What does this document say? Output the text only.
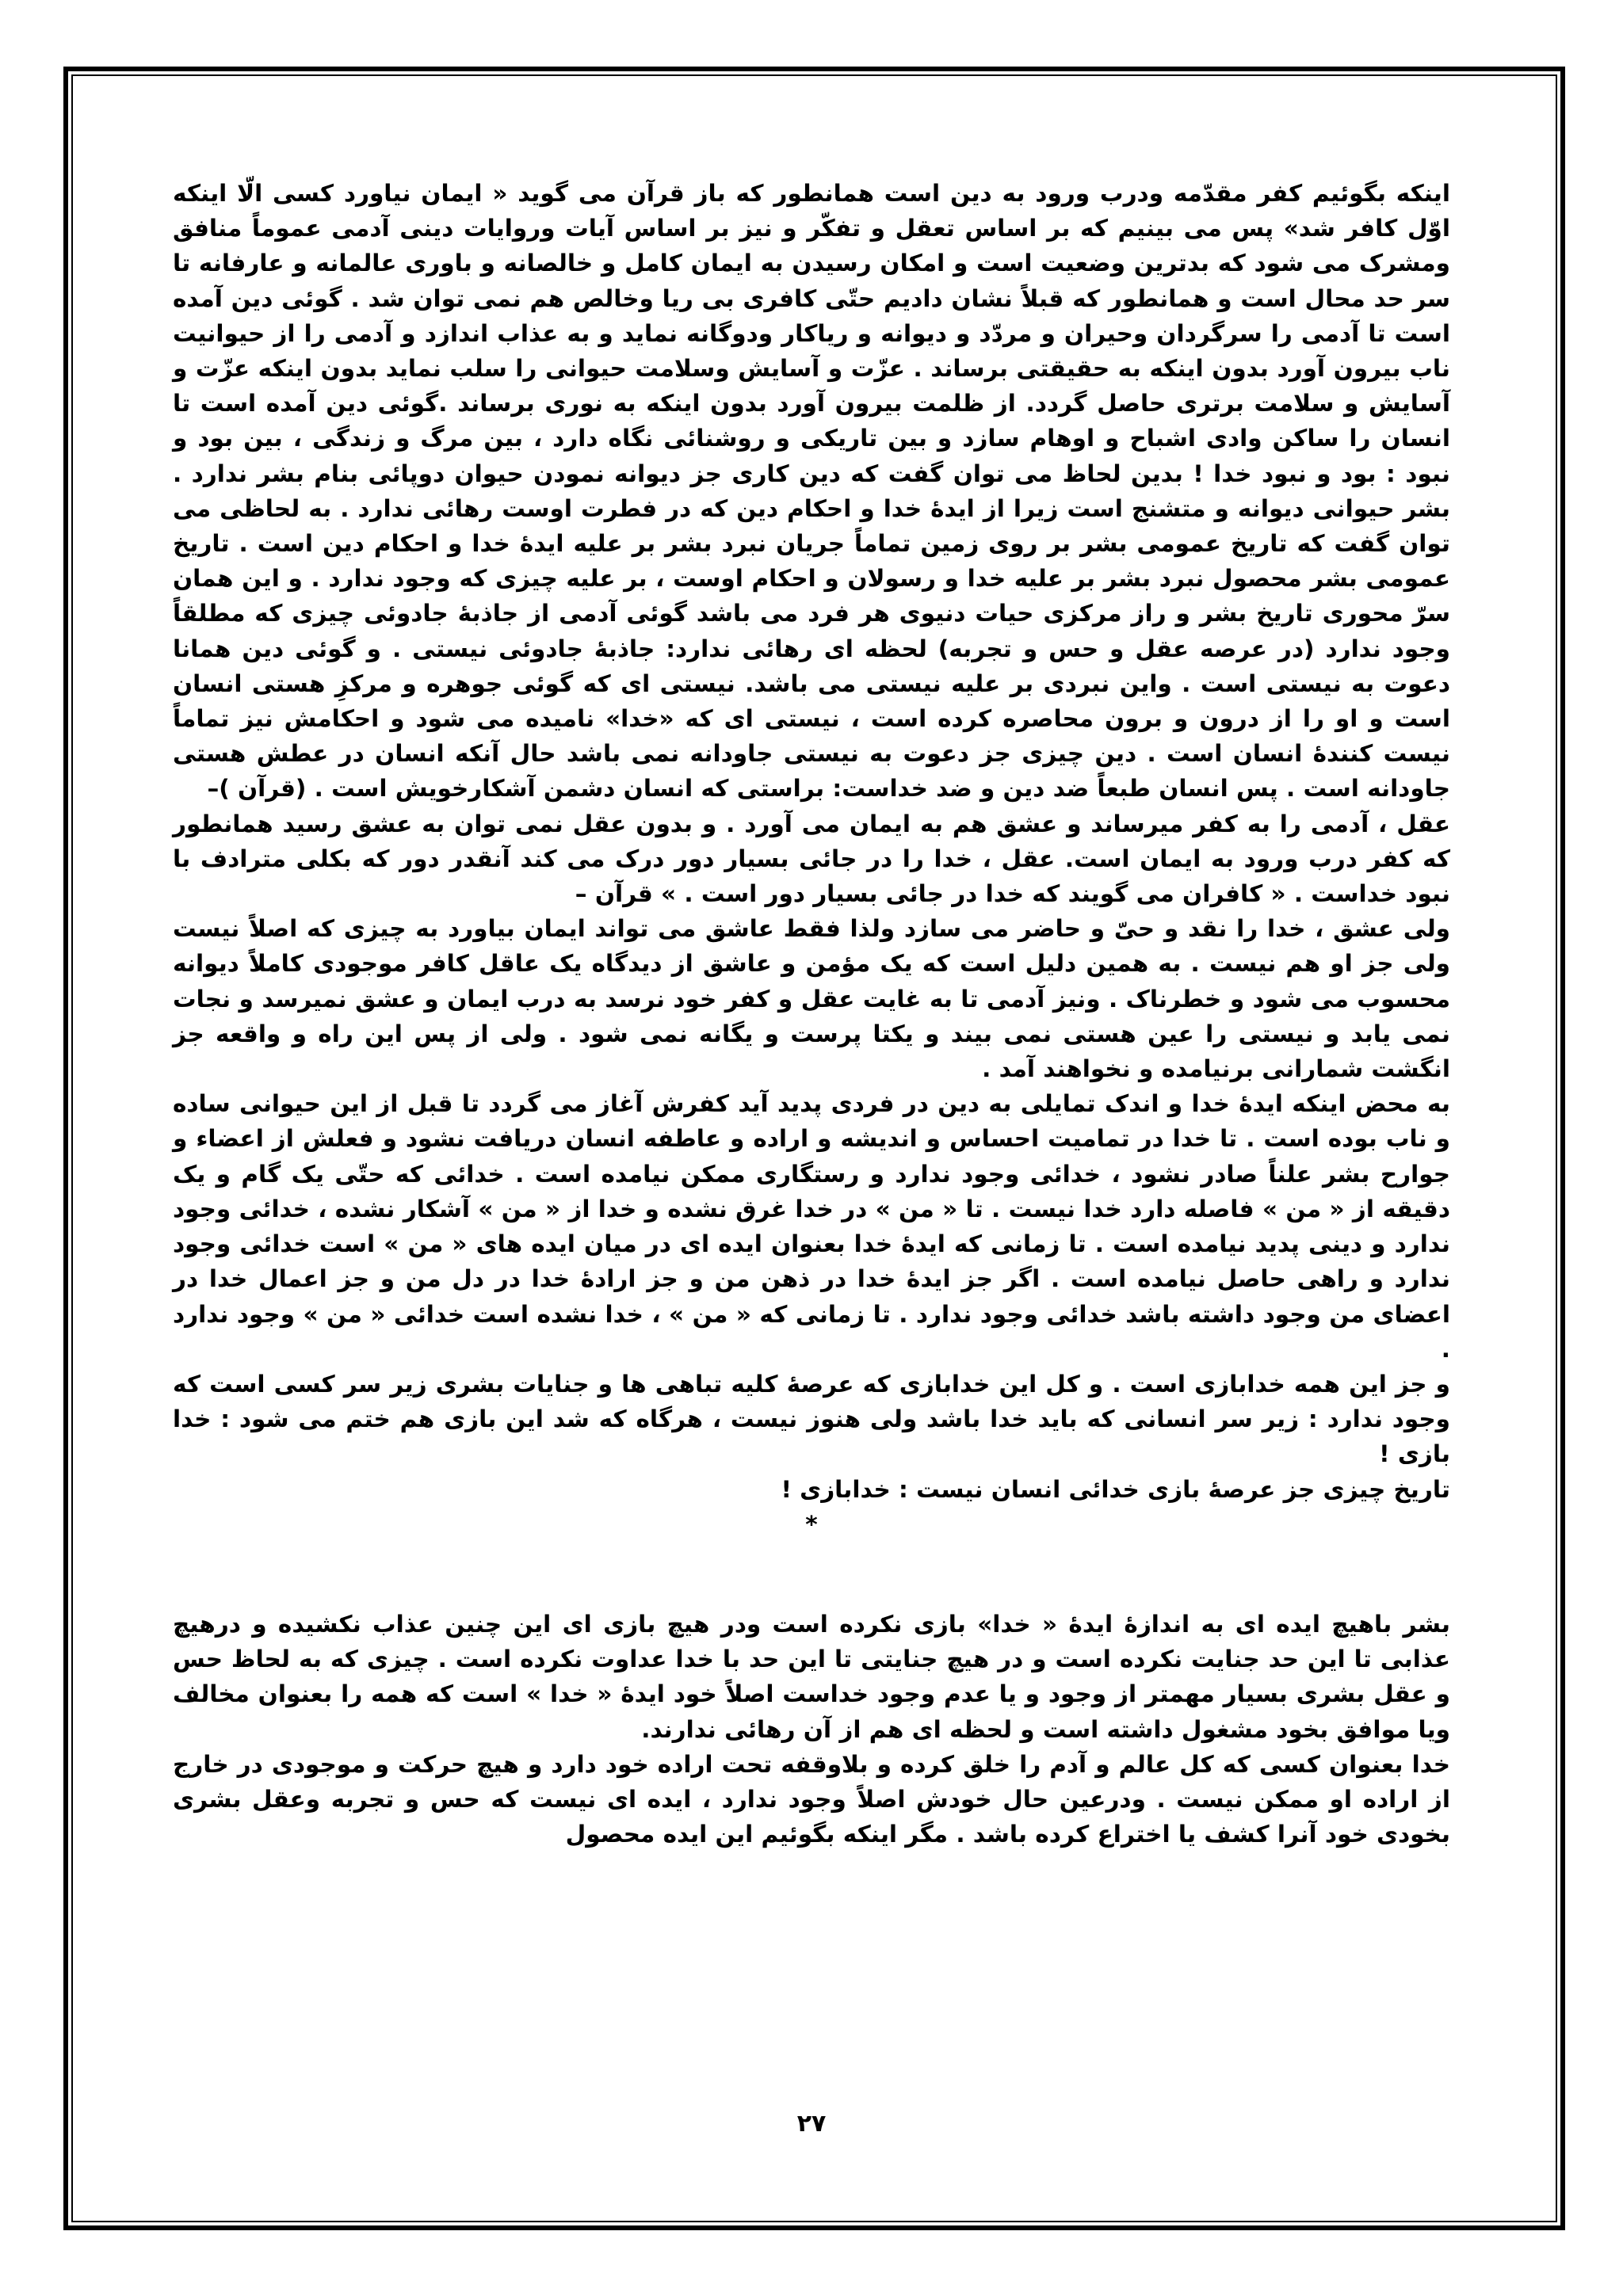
اینکه بگوئیم کفر مقدّمه ودرب ورود به دین است همانطور که باز قرآن می گوید « ایمان نیاورد کسی الّا اینکه اوّل کافر شد» پس می بینیم که بر اساس تعقل و تفکّر و نیز بر اساس آیات وروایات دینی آدمی عموماً منافق ومشرک می شود که بدترین وضعیت است و امکان رسیدن به ایمان کامل و خالصانه و باوری عالمانه و عارفانه تا سر حد محال است و همانطور که قبلاً نشان دادیم حتّی کافری بی ریا وخالص هم نمی توان شد . گوئی دین آمده است تا آدمی را سرگردان وحیران و مردّد و دیوانه و ریاکار ودوگانه نماید و به عذاب اندازد و آدمی را از حیوانیت ناب بیرون آورد بدون اینکه به حقیقتی برساند . عزّت و آسایش وسلامت حیوانی را سلب نماید بدون اینکه عزّت و آسایش و سلامت برتری حاصل گردد. از ظلمت بیرون آورد بدون اینکه به نوری برساند .گوئی دین آمده است تا انسان را ساکن وادی اشباح و اوهام سازد و بین تاریکی و روشنائی نگاه دارد ، بین مرگ و زندگی ، بین بود و نبود : بود و نبود خدا ! بدین لحاظ می توان گفت که دین کاری جز دیوانه نمودن حیوان دوپائی بنام بشر ندارد . بشر حیوانی دیوانه و متشنج است زیرا از ایدهٔ خدا و احکام دین که در فطرت اوست رهائی ندارد . به لحاظی می توان گفت که تاریخ عمومی بشر بر روی زمین تماماً جریان نبرد بشر بر علیه ایدهٔ خدا و احکام دین است . تاریخ عمومی بشر محصول نبرد بشر بر علیه خدا و رسولان و احکام اوست ، بر علیه چیزی که وجود ندارد . و این همان سرّ محوری تاریخ بشر و راز مرکزی حیات دنیوی هر فرد می باشد گوئی آدمی از جاذبهٔ جادوئی چیزی که مطلقاً وجود ندارد (در عرصه عقل و حس و تجربه) لحظه ای رهائی ندارد: جاذبهٔ جادوئی نیستی . و گوئی دین همانا دعوت به نیستی است . واین نبردی بر علیه نیستی می باشد. نیستی ای که گوئی جوهره و مرکزِ هستی انسان است و او را از درون و برون محاصره کرده است ، نیستی ای که «خدا» نامیده می شود و احکامش نیز تماماً نیست کنندهٔ انسان است . دین چیزی جز دعوت به نیستی جاودانه نمی باشد حال آنکه انسان در عطش هستی جاودانه است . پس انسان طبعاً ضد دین و ضد خداست: براستی که انسان دشمن آشکارخویش است . (قرآن )–

عقل ، آدمی را به کفر میرساند و عشق هم به ایمان می آورد . و بدون عقل نمی توان به عشق رسید همانطور که کفر درب ورود به ایمان است. عقل ، خدا را در جائی بسیار دور درک می کند آنقدر دور که بکلی مترادف با نبود خداست . « کافران می گویند که خدا در جائی بسیار دور است . » قرآن –

ولی عشق ، خدا را نقد و حیّ و حاضر می سازد ولذا فقط عاشق می تواند ایمان بیاورد به چیزی که اصلاً نیست ولی جز او هم نیست . به همین دلیل است که یک مؤمن و عاشق از دیدگاه یک عاقل کافر موجودی کاملاً دیوانه محسوب می شود و خطرناک . ونیز آدمی تا به غایت عقل و کفر خود نرسد به درب ایمان و عشق نمیرسد و نجات نمی یابد و نیستی را عین هستی نمی بیند و یکتا پرست و یگانه نمی شود . ولی از پس این راه و واقعه جز انگشت شمارانی برنیامده و نخواهند آمد .

به محض اینکه ایدهٔ خدا و اندک تمایلی به دین در فردی پدید آید کفرش آغاز می گردد تا قبل از این حیوانی ساده و ناب بوده است . تا خدا در تمامیت احساس و اندیشه و اراده و عاطفه انسان دریافت نشود و فعلش از اعضاء و جوارح بشر علناً صادر نشود ، خدائی وجود ندارد و رستگاری ممکن نیامده است . خدائی که حتّی یک گام و یک دقیقه از « من » فاصله دارد خدا نیست . تا « من » در خدا غرق نشده و خدا از « من » آشکار نشده ، خدائی وجود ندارد و دینی پدید نیامده است . تا زمانی که ایدهٔ خدا بعنوان ایده ای در میان ایده های « من » است خدائی وجود ندارد و راهی حاصل نیامده است . اگر جز ایدهٔ خدا در ذهن من و جز ارادهٔ خدا در دل من و جز اعمال خدا در اعضای من وجود داشته باشد خدائی وجود ندارد . تا زمانی که « من » ، خدا نشده است خدائی « من » وجود ندارد .

و جز این همه خدابازی است . و کل این خدابازی که عرصهٔ کلیه تباهی ها و جنایات بشری زیر سر کسی است که وجود ندارد : زیر سر انسانی که باید خدا باشد ولی هنوز نیست ، هرگاه که شد این بازی هم ختم می شود : خدا بازی !

تاریخ چیزی جز عرصهٔ بازی خدائی انسان نیست : خدابازی !

*

بشر باهیچ ایده ای به اندازهٔ ایدهٔ « خدا» بازی نکرده است ودر هیچ بازی ای این چنین عذاب نکشیده و درهیچ عذابی تا این حد جنایت نکرده است و در هیچ جنایتی تا این حد با خدا عداوت نکرده است . چیزی که به لحاظ حس و عقل بشری بسیار مهمتر از وجود و یا عدم وجود خداست اصلاً خود ایدهٔ « خدا » است که همه را بعنوان مخالف ویا موافق بخود مشغول داشته است و لحظه ای هم از آن رهائی ندارند.

خدا بعنوان کسی که کل عالم و آدم را خلق کرده و بلاوقفه تحت اراده خود دارد و هیچ حرکت و موجودی در خارج از اراده او ممکن نیست . ودرعین حال خودش اصلاً وجود ندارد ، ایده ای نیست که حس و تجربه وعقل بشری بخودی خود آنرا کشف یا اختراع کرده باشد . مگر اینکه بگوئیم این ایده محصول

۲۷
